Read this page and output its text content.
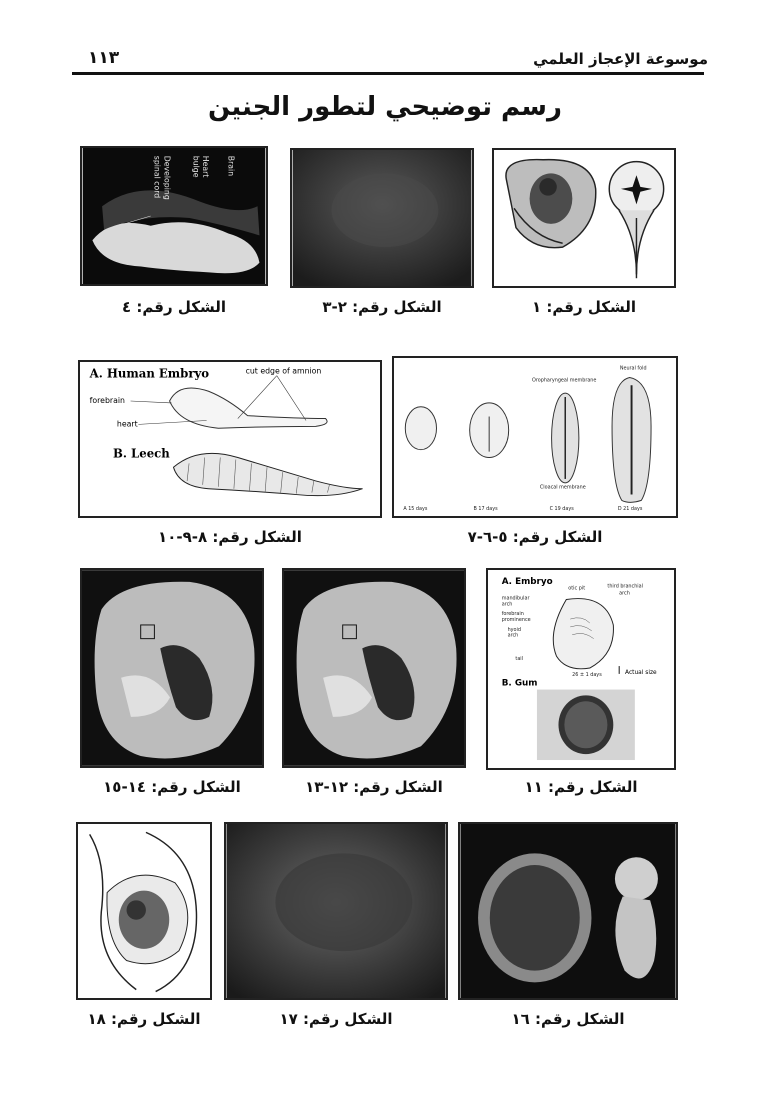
موسوعة الإعجاز العلمي
١١٣
رسم توضيحي لتطور الجنين
Brain
Heart
bulge
Developing
spinal cord
الشكل رقم: ٤	الشكل رقم: ٢-٣	الشكل رقم: ١
A. Human Embryo	cut edge of amnion
forebrain
heart
B. Leech
الشكل رقم: ٨-٩-١٠
Oropharyngeal membrane
Neural fold
Cloacal membrane
A 15 days	B 17 days	C 19 days	D 21 days
الشكل رقم: ٥-٦-٧
الشكل رقم: ١٤-١٥	الشكل رقم: ١٢-١٣
A. Embryo
otic pit	third branchial
arch
mandibular
arch
forebrain
prominence
hyoid
arch
tail
26 ± 1 days	Actual size
B. Gum
الشكل رقم: ١١
الشكل رقم: ١٨	الشكل رقم: ١٧	الشكل رقم: ١٦
